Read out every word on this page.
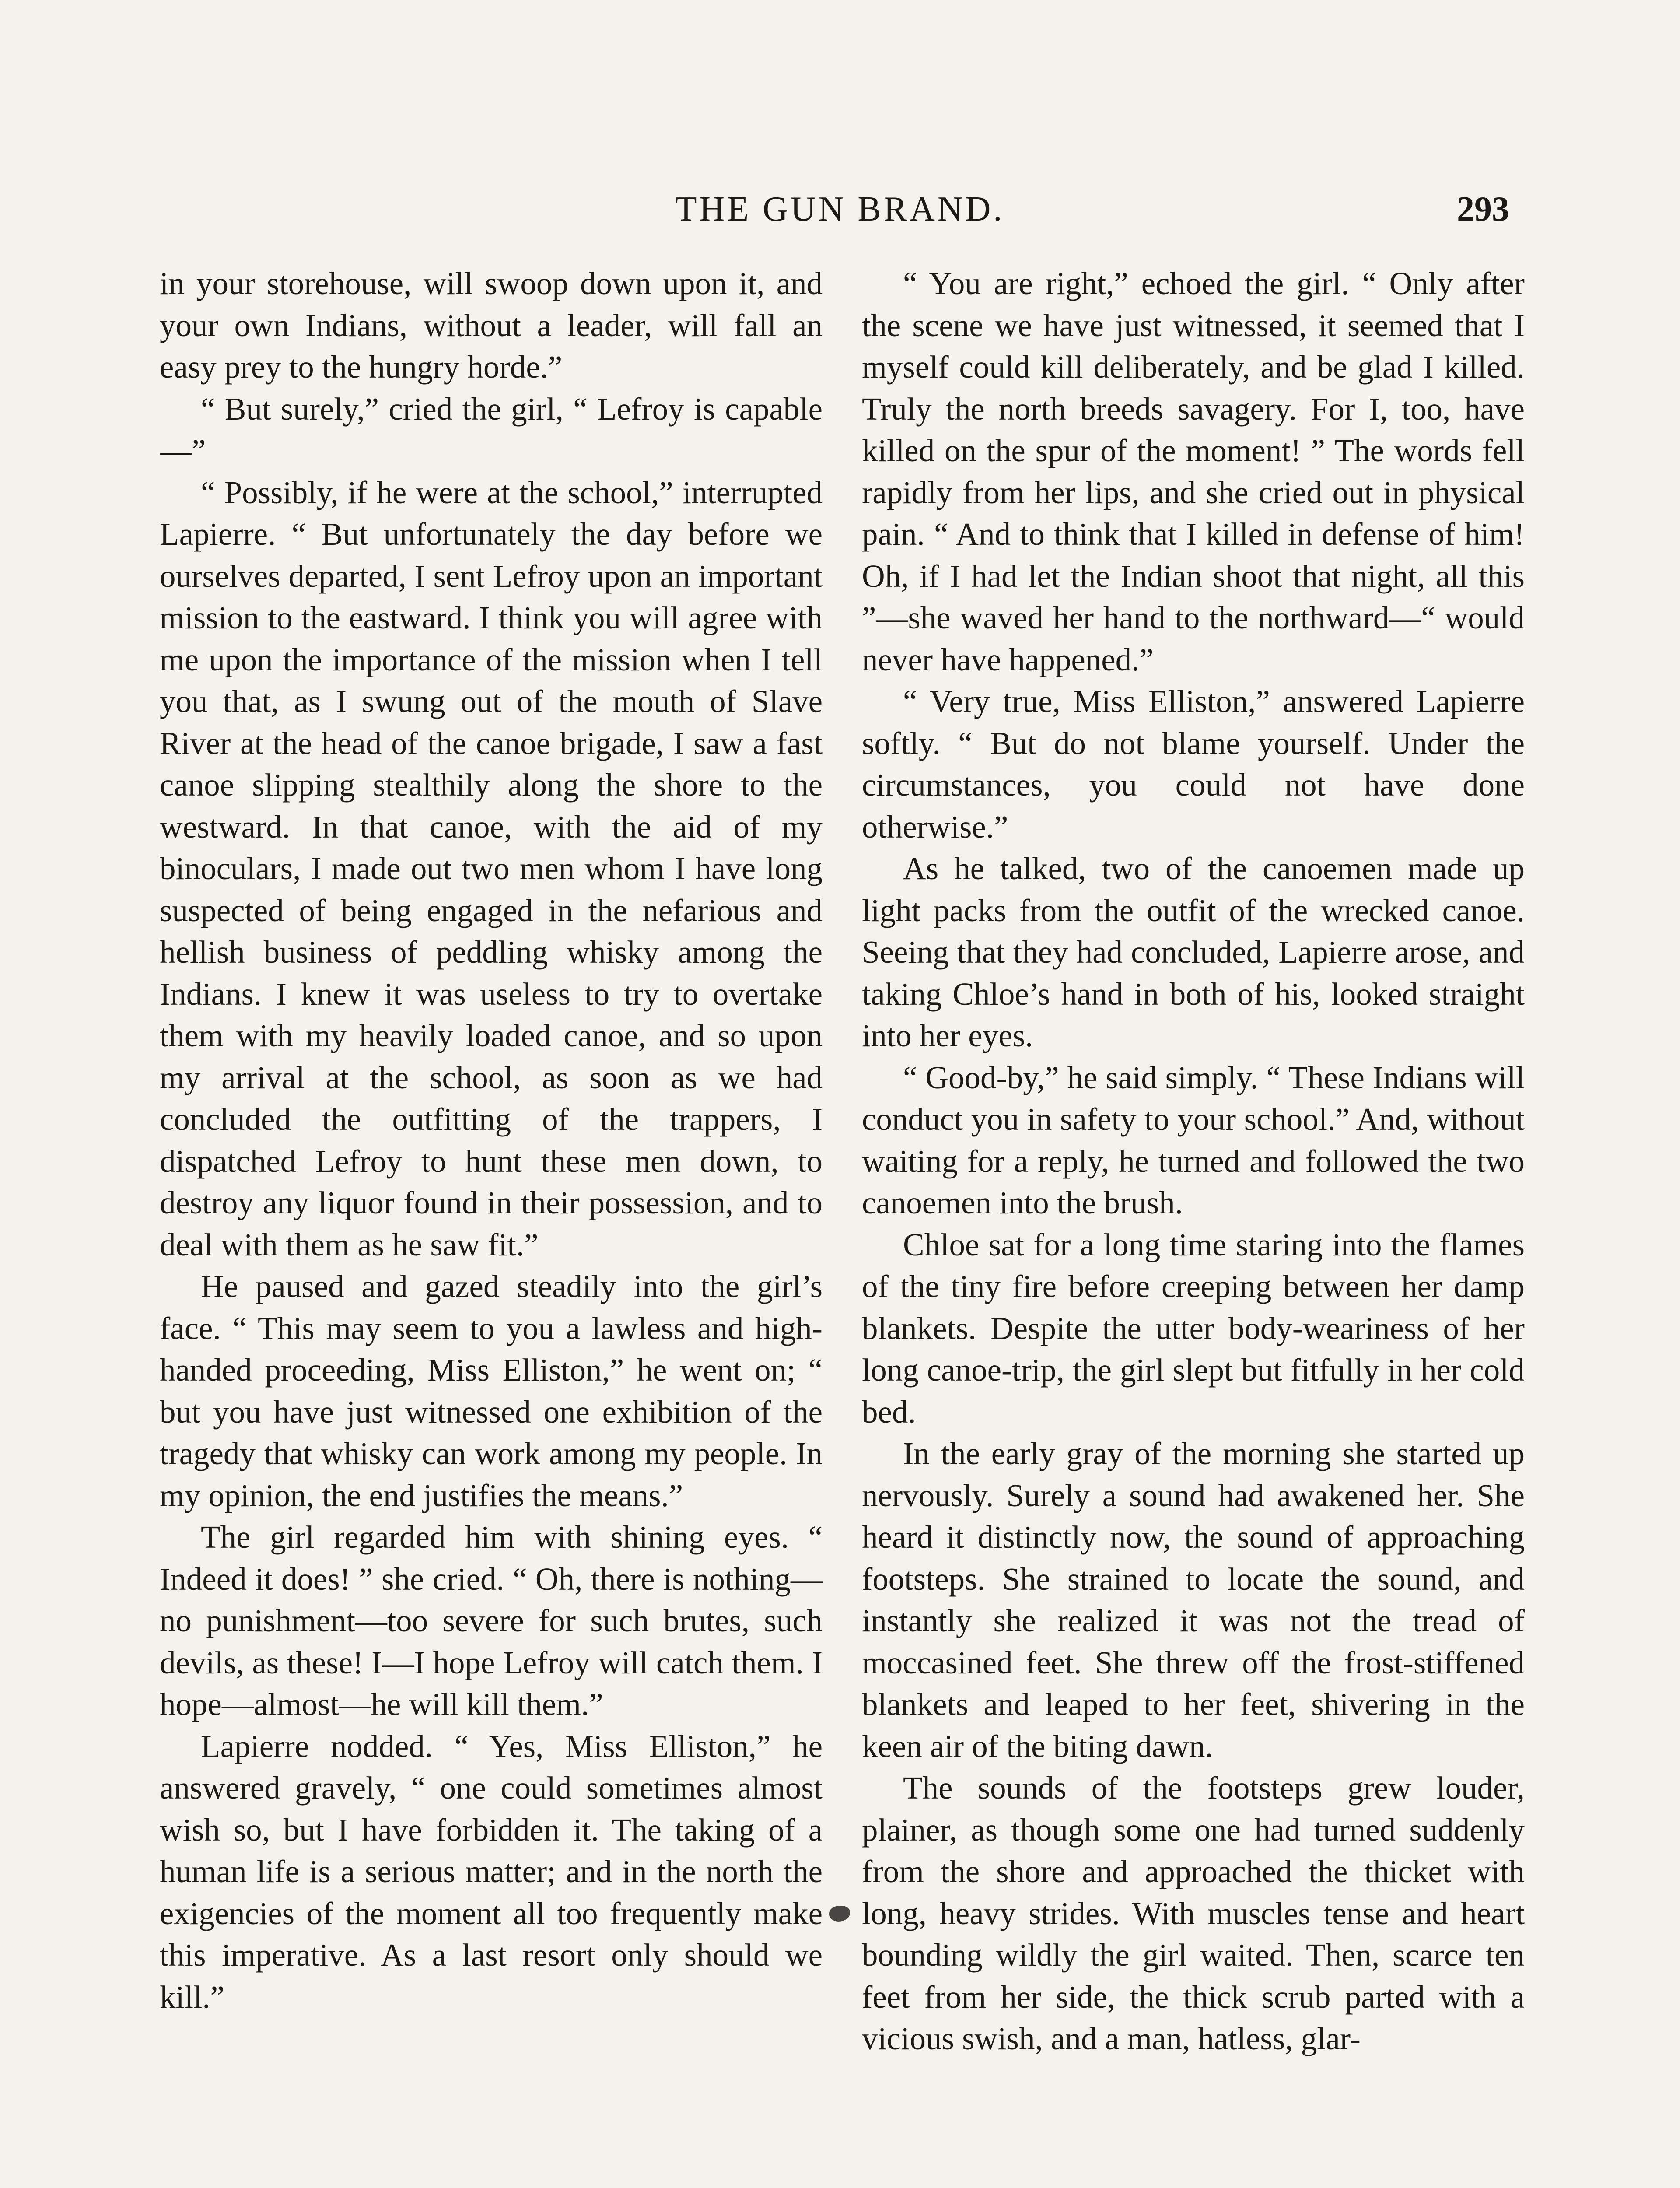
THE GUN BRAND.	293

in your storehouse, will swoop down upon it, and your own Indians, without a leader, will fall an easy prey to the hungry horde.”

“ But surely,” cried the girl, “ Lefroy is capable—”

“ Possibly, if he were at the school,” interrupted Lapierre. “ But unfortunately the day before we ourselves departed, I sent Lefroy upon an important mission to the eastward. I think you will agree with me upon the importance of the mission when I tell you that, as I swung out of the mouth of Slave River at the head of the canoe brigade, I saw a fast canoe slipping stealthily along the shore to the westward. In that canoe, with the aid of my binoculars, I made out two men whom I have long suspected of being engaged in the nefarious and hellish business of peddling whisky among the Indians. I knew it was useless to try to overtake them with my heavily loaded canoe, and so upon my arrival at the school, as soon as we had concluded the outfitting of the trappers, I dispatched Lefroy to hunt these men down, to destroy any liquor found in their possession, and to deal with them as he saw fit.”

He paused and gazed steadily into the girl’s face. “ This may seem to you a lawless and high-handed proceeding, Miss Elliston,” he went on; “ but you have just witnessed one exhibition of the tragedy that whisky can work among my people. In my opinion, the end justifies the means.”

The girl regarded him with shining eyes. “ Indeed it does! ” she cried. “ Oh, there is nothing—no punishment—too severe for such brutes, such devils, as these! I—I hope Lefroy will catch them. I hope—almost—he will kill them.”

Lapierre nodded. “ Yes, Miss Elliston,” he answered gravely, “ one could sometimes almost wish so, but I have forbidden it. The taking of a human life is a serious matter; and in the north the exigencies of the moment all too frequently make this imperative. As a last resort only should we kill.”

“ You are right,” echoed the girl. “ Only after the scene we have just witnessed, it seemed that I myself could kill deliberately, and be glad I killed. Truly the north breeds savagery. For I, too, have killed on the spur of the moment! ” The words fell rapidly from her lips, and she cried out in physical pain. “ And to think that I killed in defense of him! Oh, if I had let the Indian shoot that night, all this ”—she waved her hand to the northward—“ would never have happened.”

“ Very true, Miss Elliston,” answered Lapierre softly. “ But do not blame yourself. Under the circumstances, you could not have done otherwise.”

As he talked, two of the canoemen made up light packs from the outfit of the wrecked canoe. Seeing that they had concluded, Lapierre arose, and taking Chloe’s hand in both of his, looked straight into her eyes.

“ Good-by,” he said simply. “ These Indians will conduct you in safety to your school.” And, without waiting for a reply, he turned and followed the two canoemen into the brush.

Chloe sat for a long time staring into the flames of the tiny fire before creeping between her damp blankets. Despite the utter body-weariness of her long canoe-trip, the girl slept but fitfully in her cold bed.

In the early gray of the morning she started up nervously. Surely a sound had awakened her. She heard it distinctly now, the sound of approaching footsteps. She strained to locate the sound, and instantly she realized it was not the tread of moccasined feet. She threw off the frost-stiffened blankets and leaped to her feet, shivering in the keen air of the biting dawn.

The sounds of the footsteps grew louder, plainer, as though some one had turned suddenly from the shore and approached the thicket with long, heavy strides. With muscles tense and heart bounding wildly the girl waited. Then, scarce ten feet from her side, the thick scrub parted with a vicious swish, and a man, hatless, glar-
